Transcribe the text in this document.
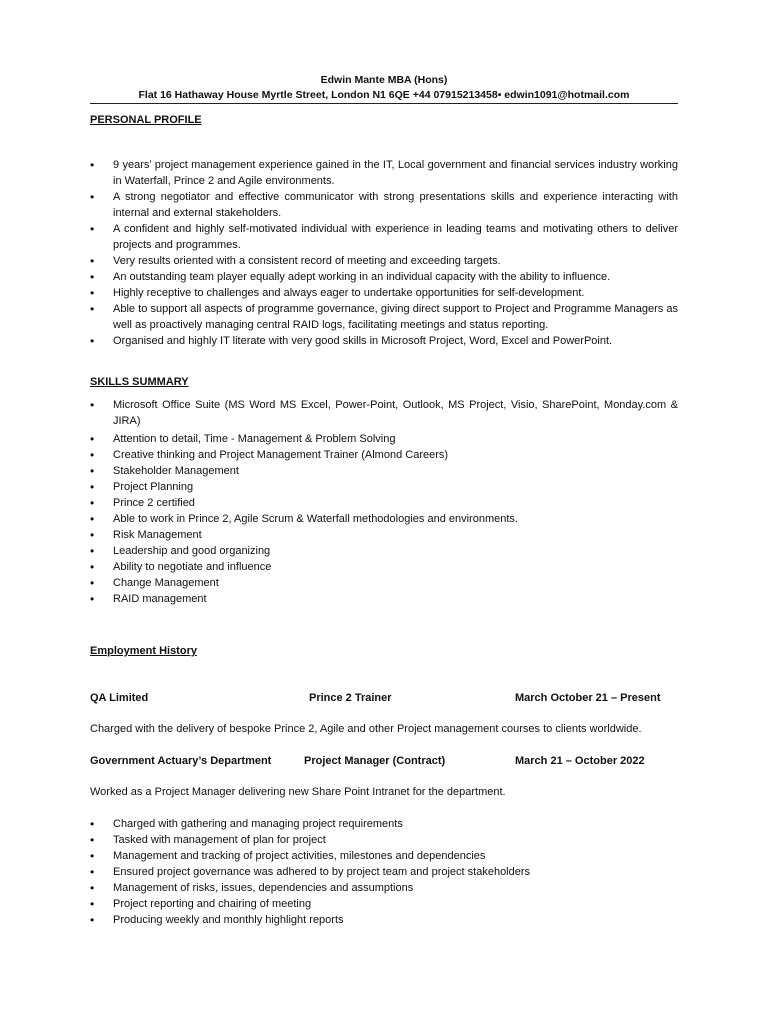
Edwin Mante MBA (Hons)
Flat 16 Hathaway House Myrtle Street, London N1 6QE +44 07915213458• edwin1091@hotmail.com
PERSONAL PROFILE
• 9 years’ project management experience gained in the IT, Local government and financial services industry working in Waterfall, Prince 2 and Agile environments.
• A strong negotiator and effective communicator with strong presentations skills and experience interacting with internal and external stakeholders.
• A confident and highly self-motivated individual with experience in leading teams and motivating others to deliver projects and programmes.
• Very results oriented with a consistent record of meeting and exceeding targets.
• An outstanding team player equally adept working in an individual capacity with the ability to influence.
• Highly receptive to challenges and always eager to undertake opportunities for self-development.
• Able to support all aspects of programme governance, giving direct support to Project and Programme Managers as well as proactively managing central RAID logs, facilitating meetings and status reporting.
• Organised and highly IT literate with very good skills in Microsoft Project, Word, Excel and PowerPoint.
SKILLS SUMMARY
• Microsoft Office Suite (MS Word MS Excel, Power-Point, Outlook, MS Project, Visio, SharePoint, Monday.com & JIRA)
• Attention to detail, Time - Management & Problem Solving
• Creative thinking and Project Management Trainer (Almond Careers)
• Stakeholder Management
• Project Planning
• Prince 2 certified
• Able to work in Prince 2, Agile Scrum & Waterfall methodologies and environments.
• Risk Management
• Leadership and good organizing
• Ability to negotiate and influence
• Change Management
• RAID management
Employment History
QA Limited	Prince 2 Trainer	March October 21 – Present
Charged with the delivery of bespoke Prince 2, Agile and other Project management courses to clients worldwide.
Government Actuary’s Department	Project Manager (Contract)	March 21 – October 2022
Worked as a Project Manager delivering new Share Point Intranet for the department.
• Charged with gathering and managing project requirements
• Tasked with management of plan for project
• Management and tracking of project activities, milestones and dependencies
• Ensured project governance was adhered to by project team and project stakeholders
• Management of risks, issues, dependencies and assumptions
• Project reporting and chairing of meeting
• Producing weekly and monthly highlight reports
